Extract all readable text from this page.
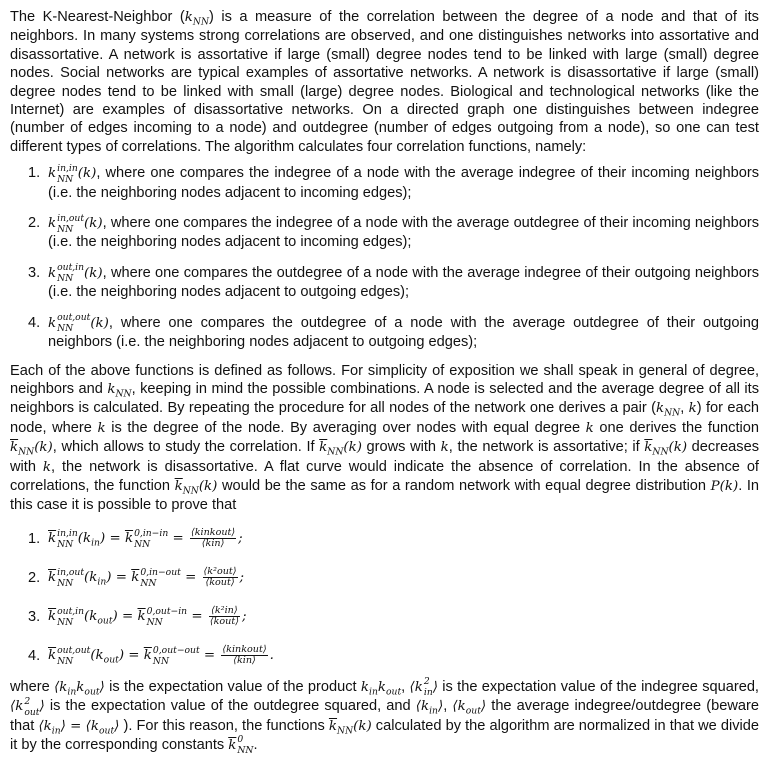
The K-Nearest-Neighbor $(k_{NN})$ is a measure of the correlation between the degree of a node and that of its neighbors. In many systems strong correlations are observed, and one distinguishes networks into assortative and disassortative. A network is assortative if large (small) degree nodes tend to be linked with large (small) degree nodes. Social networks are typical examples of assortative networks. A network is disassortative if large (small) degree nodes tend to be linked with small (large) degree nodes. Biological and technological networks (like the Internet) are examples of disassortative networks. On a directed graph one distinguishes between indegree (number of edges incoming to a node) and outdegree (number of edges outgoing from a node), so one can test different types of correlations. The algorithm calculates four correlation functions, namely:

1. k in,in
NN (k), where one compares the indegree of a node with the average indegree of their incoming neighbors (i.e. the neighboring nodes adjacent to incoming edges);
2. k in,out
NN (k), where one compares the indegree of a node with the average outdegree of their incoming neighbors (i.e. the neighboring nodes adjacent to incoming edges);
3. k out,in
NN (k), where one compares the outdegree of a node with the average indegree of their outgoing neighbors (i.e. the neighboring nodes adjacent to outgoing edges);
4. k out,out
NN	(k), where one compares the outdegree of a node with the average outdegree of their outgoing neighbors (i.e. the neighboring nodes adjacent to outgoing edges);

Each of the above functions is defined as follows. For simplicity of exposition we shall speak in general of degree, neighbors and $k_{NN}$, keeping in mind the possible combinations. A node is selected and the average degree of all its neighbors is calculated. By repeating the procedure for all nodes of the network one derives a pair ($k_{NN}$, k) for each node, where k is the degree of the node. By averaging over nodes with equal degree k one derives the function $\overline{k}_{NN}(k)$, which allows to study the correlation. If $\overline{k}_{NN}(k)$ grows with k, the network is assortative; if $\overline{k}_{NN}(k)$ decreases with k, the network is disassortative. A flat curve would indicate the absence of correlation. In the absence of correlations, the function $\overline{k}_{NN}(k)$ would be the same as for a random network with equal degree distribution P(k). In this case it is possible to prove that

1. $\overline{k}$ in,in
NN $(k_{in}) = \overline{k}$ 0,in−in
NN	= $\frac{\text{⟨kinkout⟩}}{\text{⟨kin⟩}}$ ;
2. $\overline{k}$ in,out
NN $(k_{in}) = \overline{k}$ 0,in−out
NN	= $\frac{\text{⟨k²out⟩}}{\text{⟨kout⟩}}$ ;
3. $\overline{k}$ out,in
NN $(k_{out}) = \overline{k}$ 0,out−in
NN	= $\frac{\text{⟨k²in⟩}}{\text{⟨kout⟩}}$ ;
4. $\overline{k}$ out,out
NN	$(k_{out}) = \overline{k}$ 0,out−out
NN	= $\frac{\text{⟨kinkout⟩}}{\text{⟨kin⟩}}$ .

where $⟨k_{in}k_{out}⟩$ is the expectation value of the product $k_{in}k_{out}$, ⟨k 2
in ⟩ is the expectation value of the indegree squared, ⟨k 2
out ⟩ is the expectation value of the outdegree squared, and $⟨k_{in}⟩$, $⟨k_{out}⟩$ the average indegree/outdegree (beware that $⟨k_{in}⟩$ = $⟨k_{out}⟩$ ). For this reason, the functions $\overline{k}_{NN}(k)$ calculated by the algorithm are normalized in that we divide it by the corresponding constants $\overline{k}$ 0
NN .
